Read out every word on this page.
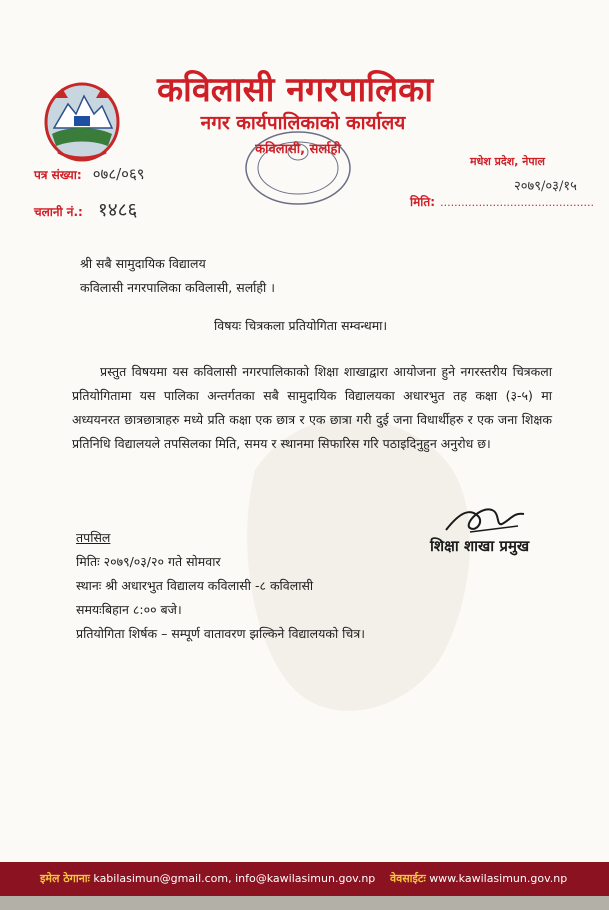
कविलासी नगरपालिका
नगर कार्यपालिकाको कार्यालय
कविलासी, सर्लाही
पत्र संख्या: ०७८/०६९
चलानी नं.: १४८६
मधेश प्रदेश, नेपाल
२०७९/०३/१५
मिति: ............................................
श्री सबै सामुदायिक विद्यालय
कविलासी नगरपालिका कविलासी, सर्लाही ।
विषयः चित्रकला प्रतियोगिता सम्वन्धमा।
प्रस्तुत विषयमा यस कविलासी नगरपालिकाको शिक्षा शाखाद्वारा आयोजना हुने नगरस्तरीय चित्रकला प्रतियोगितामा यस पालिका अन्तर्गतका सबै सामुदायिक विद्यालयका अधारभुत तह कक्षा (३-५) मा अध्ययनरत छात्रछात्राहरु मध्ये प्रति कक्षा एक छात्र र एक छात्रा गरी दुई जना विधार्थीहरु र एक जना शिक्षक प्रतिनिधि विद्यालयले तपसिलका मिति, समय र स्थानमा सिफारिस गरि पठाइदिनुहुन अनुरोध छ।
तपसिल
मितिः २०७९/०३/२० गते सोमवार
स्थानः श्री अधारभुत विद्यालय कविलासी -८ कविलासी
समयःबिहान ८:०० बजे।
प्रतियोगिता शिर्षक – सम्पूर्ण वातावरण झल्किने विद्यालयको चित्र।
शिक्षा शाखा प्रमुख
इमेल ठेगानाः kabilasimun@gmail.com, info@kawilasimun.gov.np वेवसाईटः www.kawilasimun.gov.np
